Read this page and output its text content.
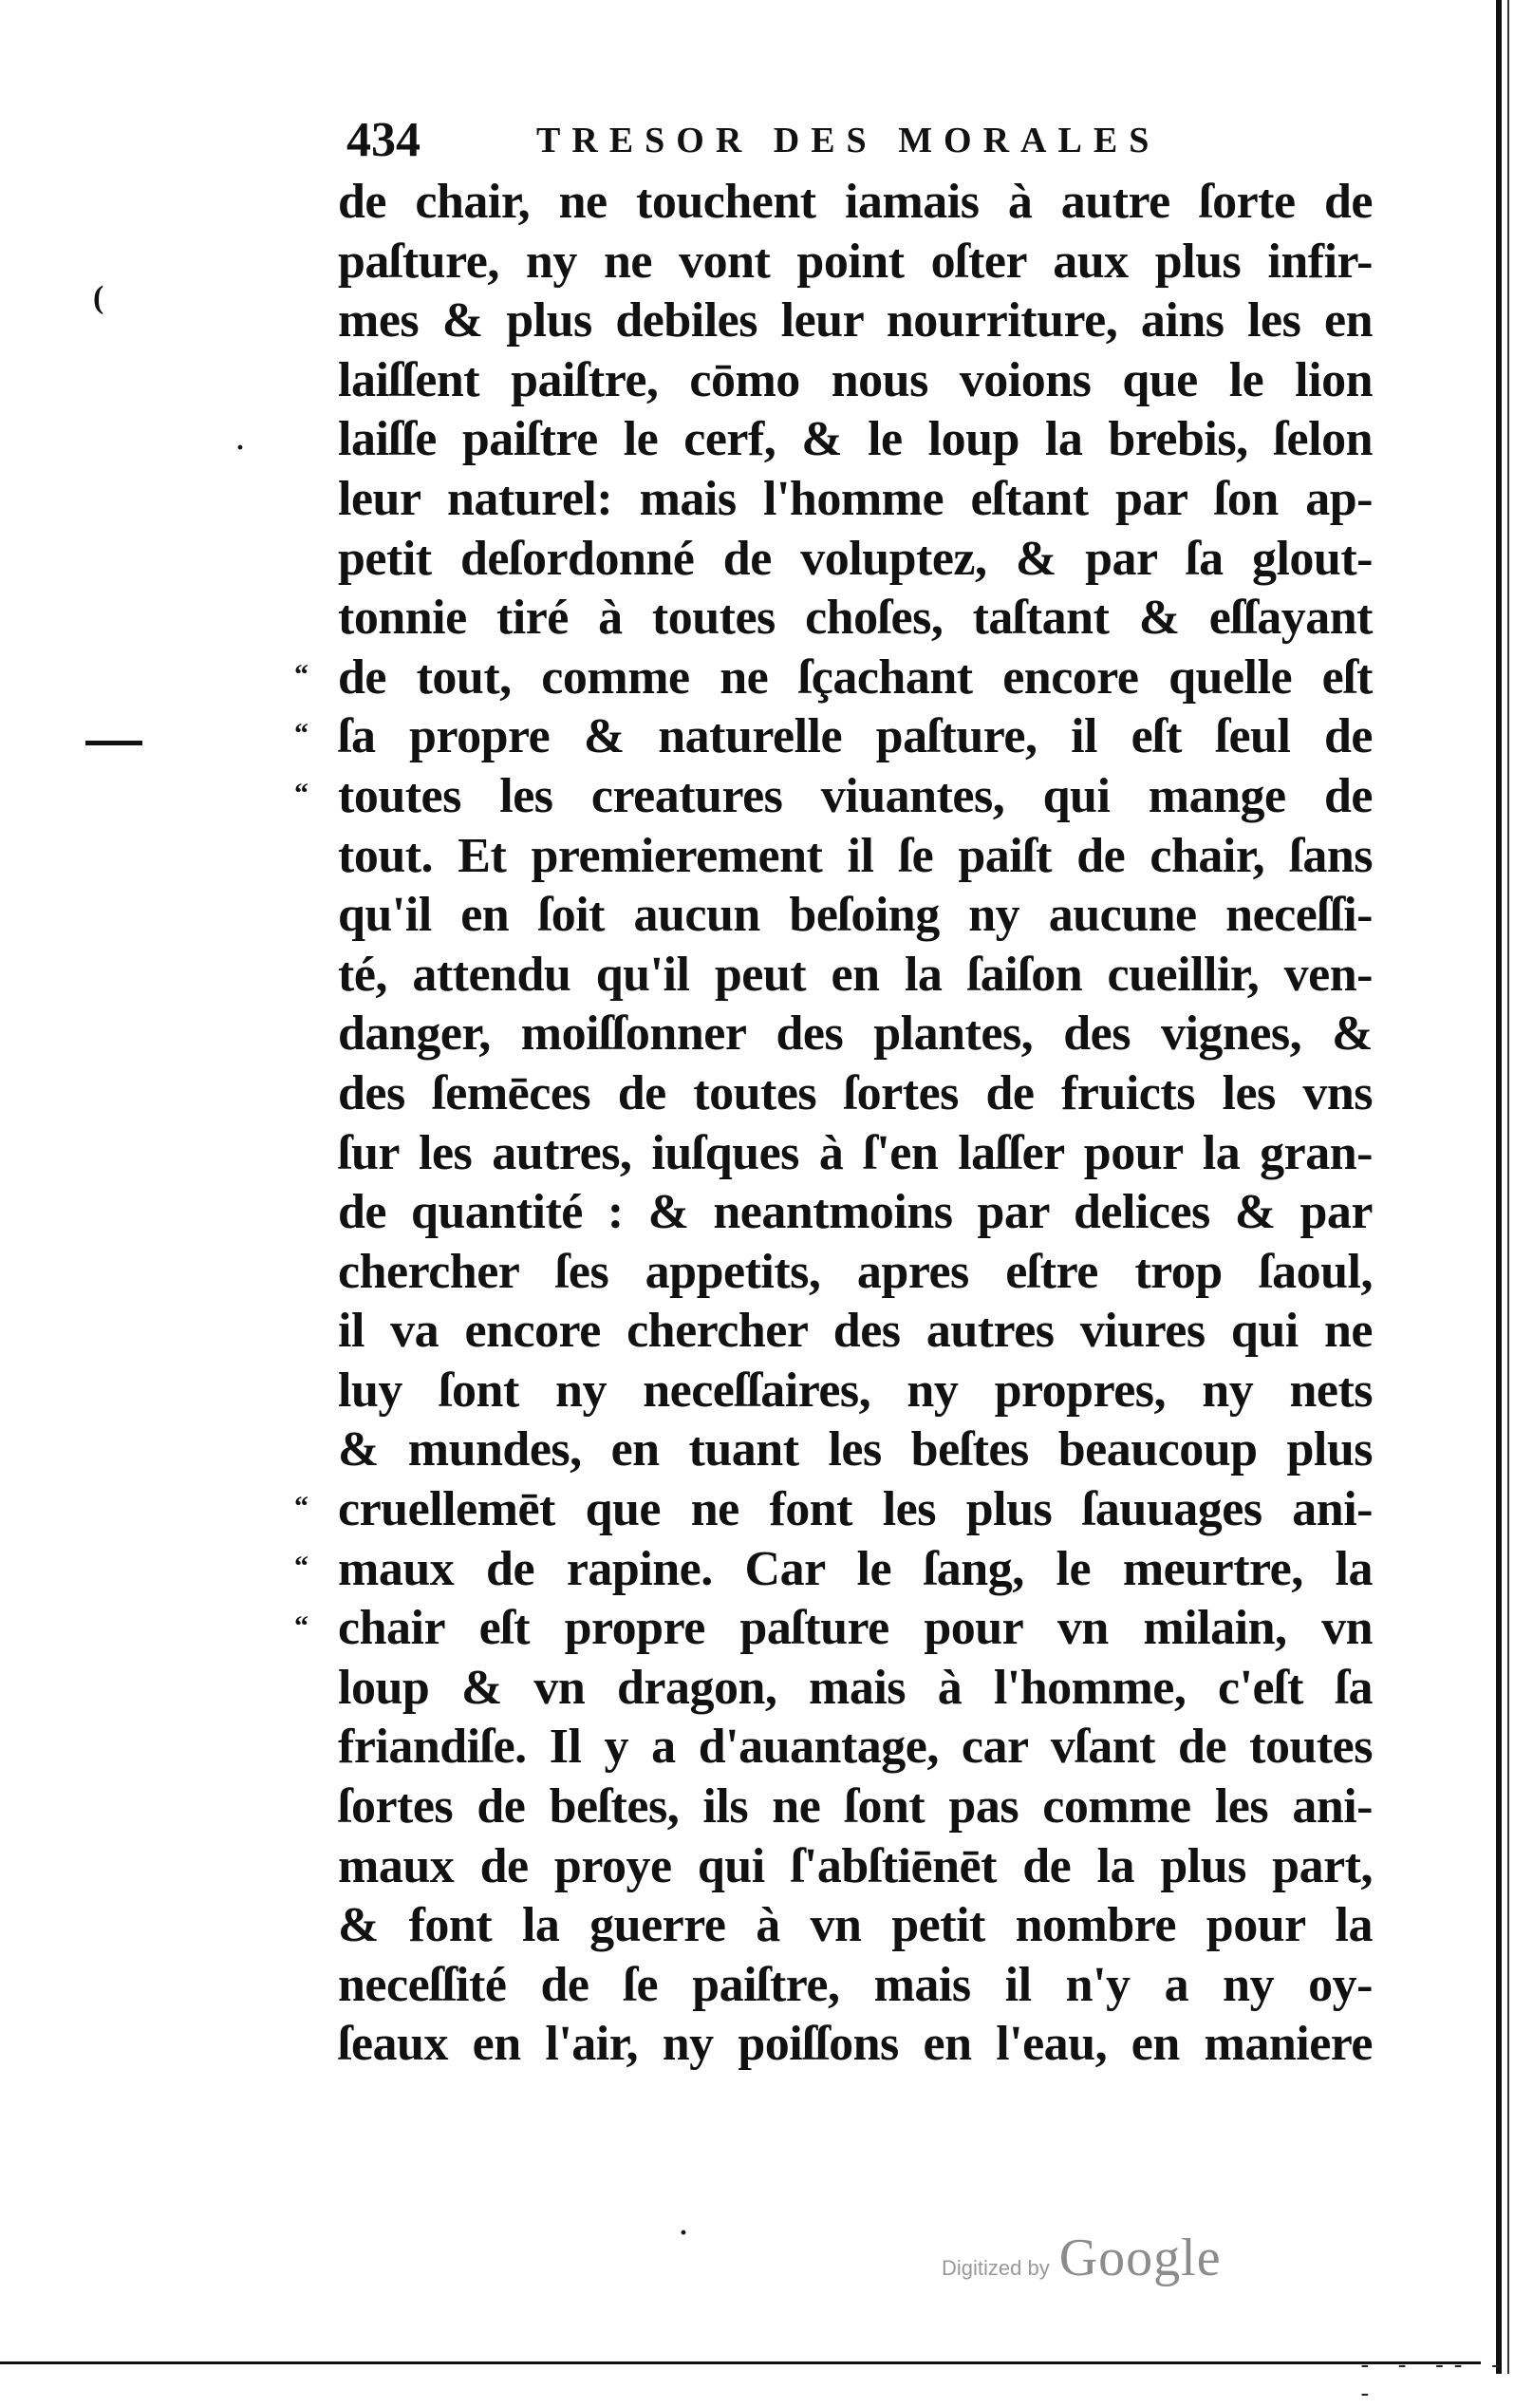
- - -- - -
·
(
·
434	TRESOR DES MORALES
“
“
“
“
“
“
de chair, ne touchent iamais à autre ſorte de
paſture, ny ne vont point oſter aux plus infir-
mes & plus debiles leur nourriture, ains les en
laiſſent paiſtre, cōmo nous voions que le lion
laiſſe paiſtre le cerf, & le loup la brebis, ſelon
leur naturel: mais l'homme eſtant par ſon ap-
petit deſordonné de voluptez, & par ſa glout-
tonnie tiré à toutes choſes, taſtant & eſſayant
de tout, comme ne ſçachant encore quelle eſt
ſa propre & naturelle paſture, il eſt ſeul de
toutes les creatures viuantes, qui mange de
tout. Et premierement il ſe paiſt de chair, ſans
qu'il en ſoit aucun beſoing ny aucune neceſſi-
té, attendu qu'il peut en la ſaiſon cueillir, ven-
danger, moiſſonner des plantes, des vignes, &
des ſemēces de toutes ſortes de fruicts les vns
ſur les autres, iuſques à ſ'en laſſer pour la gran-
de quantité : & neantmoins par delices & par
chercher ſes appetits, apres eſtre trop ſaoul,
il va encore chercher des autres viures qui ne
luy ſont ny neceſſaires, ny propres, ny nets
& mundes, en tuant les beſtes beaucoup plus
cruellemēt que ne font les plus ſauuages ani-
maux de rapine. Car le ſang, le meurtre, la
chair eſt propre paſture pour vn milain, vn
loup & vn dragon, mais à l'homme, c'eſt ſa
friandiſe. Il y a d'auantage, car vſant de toutes
ſortes de beſtes, ils ne ſont pas comme les ani-
maux de proye qui ſ'abſtiēnēt de la plus part,
& font la guerre à vn petit nombre pour la
neceſſité de ſe paiſtre, mais il n'y a ny oy-
ſeaux en l'air, ny poiſſons en l'eau, en maniere
Digitized by Google
